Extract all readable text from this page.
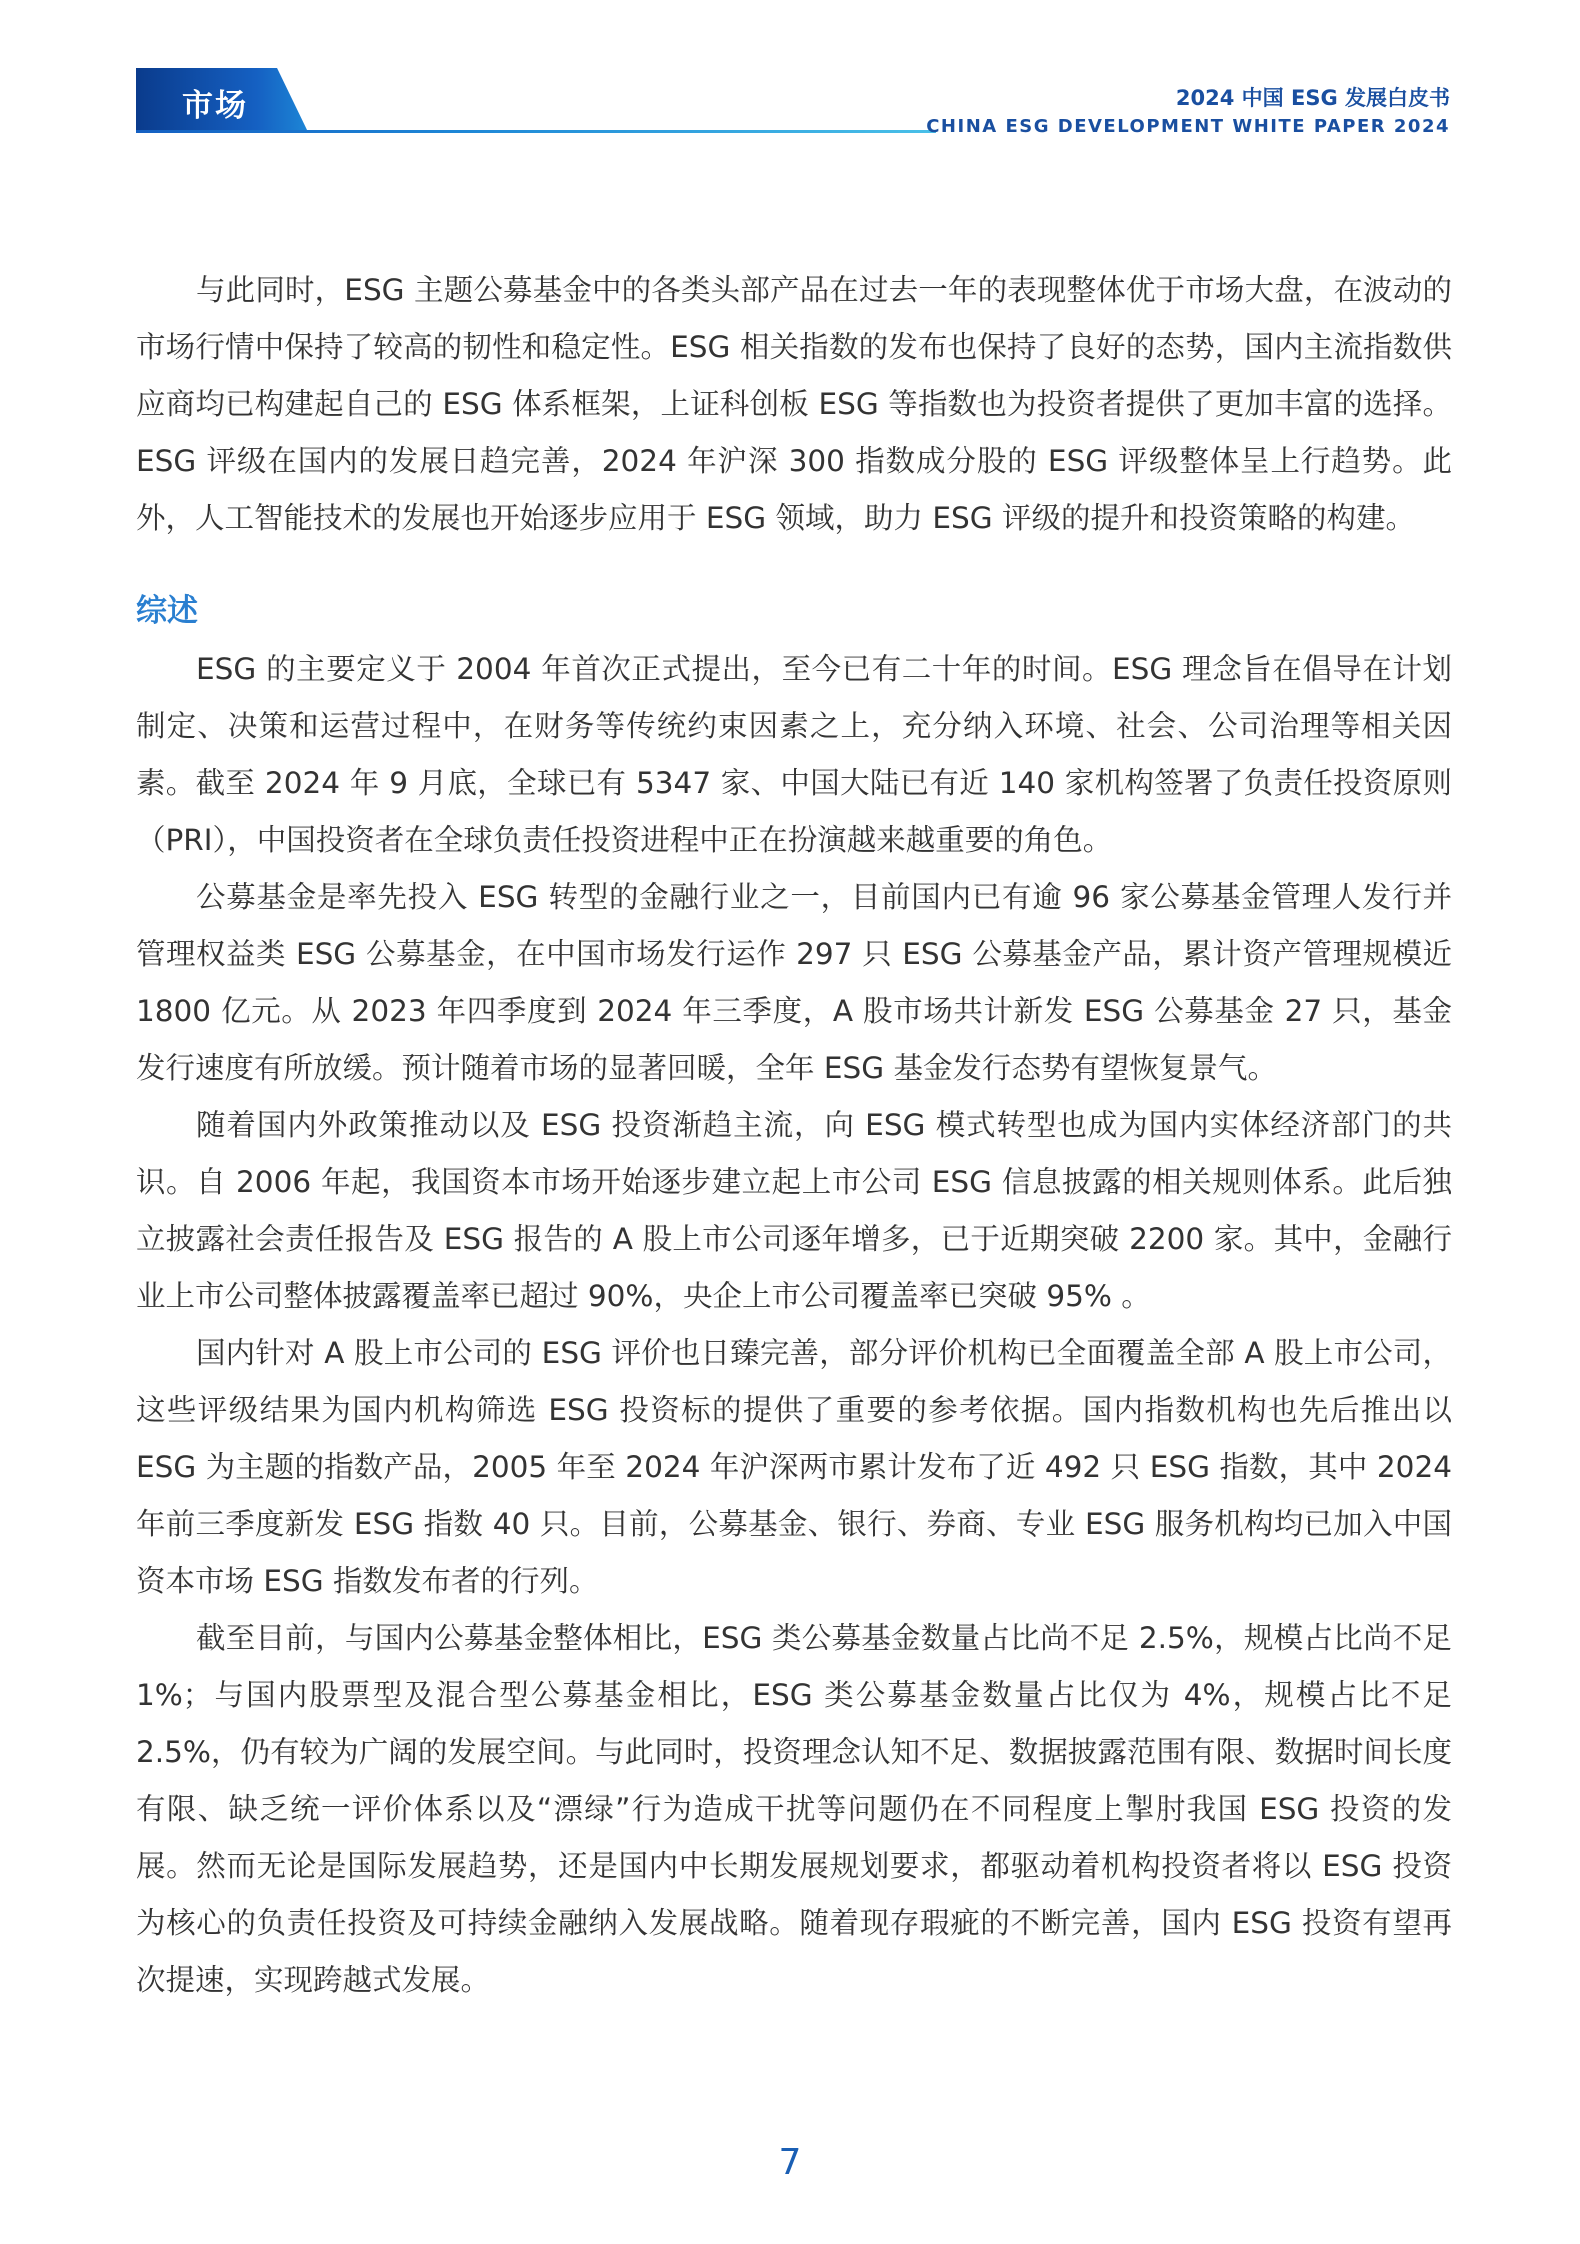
市场	2024 中国 ESG 发展白皮书
CHINA ESG DEVELOPMENT WHITE PAPER 2024

与此同时，ESG 主题公募基金中的各类头部产品在过去一年的表现整体优于市场大盘，在波动的市场行情中保持了较高的韧性和稳定性。ESG 相关指数的发布也保持了良好的态势，国内主流指数供应商均已构建起自己的 ESG 体系框架，上证科创板 ESG 等指数也为投资者提供了更加丰富的选择。ESG 评级在国内的发展日趋完善，2024 年沪深 300 指数成分股的 ESG 评级整体呈上行趋势。此外，人工智能技术的发展也开始逐步应用于 ESG 领域，助力 ESG 评级的提升和投资策略的构建。

综述

ESG 的主要定义于 2004 年首次正式提出，至今已有二十年的时间。ESG 理念旨在倡导在计划制定、决策和运营过程中，在财务等传统约束因素之上，充分纳入环境、社会、公司治理等相关因素。截至 2024 年 9 月底，全球已有 5347 家、中国大陆已有近 140 家机构签署了负责任投资原则（PRI），中国投资者在全球负责任投资进程中正在扮演越来越重要的角色。

公募基金是率先投入 ESG 转型的金融行业之一，目前国内已有逾 96 家公募基金管理人发行并管理权益类 ESG 公募基金，在中国市场发行运作 297 只 ESG 公募基金产品，累计资产管理规模近 1800 亿元。从 2023 年四季度到 2024 年三季度，A 股市场共计新发 ESG 公募基金 27 只，基金发行速度有所放缓。预计随着市场的显著回暖，全年 ESG 基金发行态势有望恢复景气。

随着国内外政策推动以及 ESG 投资渐趋主流，向 ESG 模式转型也成为国内实体经济部门的共识。自 2006 年起，我国资本市场开始逐步建立起上市公司 ESG 信息披露的相关规则体系。此后独立披露社会责任报告及 ESG 报告的 A 股上市公司逐年增多，已于近期突破 2200 家。其中，金融行业上市公司整体披露覆盖率已超过 90%，央企上市公司覆盖率已突破 95% 。

国内针对 A 股上市公司的 ESG 评价也日臻完善，部分评价机构已全面覆盖全部 A 股上市公司，这些评级结果为国内机构筛选 ESG 投资标的提供了重要的参考依据。国内指数机构也先后推出以 ESG 为主题的指数产品，2005 年至 2024 年沪深两市累计发布了近 492 只 ESG 指数，其中 2024 年前三季度新发 ESG 指数 40 只。目前，公募基金、银行、券商、专业 ESG 服务机构均已加入中国资本市场 ESG 指数发布者的行列。

截至目前，与国内公募基金整体相比，ESG 类公募基金数量占比尚不足 2.5%，规模占比尚不足 1%；与国内股票型及混合型公募基金相比，ESG 类公募基金数量占比仅为 4%，规模占比不足 2.5%，仍有较为广阔的发展空间。与此同时，投资理念认知不足、数据披露范围有限、数据时间长度有限、缺乏统一评价体系以及“漂绿”行为造成干扰等问题仍在不同程度上掣肘我国 ESG 投资的发展。然而无论是国际发展趋势，还是国内中长期发展规划要求，都驱动着机构投资者将以 ESG 投资为核心的负责任投资及可持续金融纳入发展战略。随着现存瑕疵的不断完善，国内 ESG 投资有望再次提速，实现跨越式发展。

7
